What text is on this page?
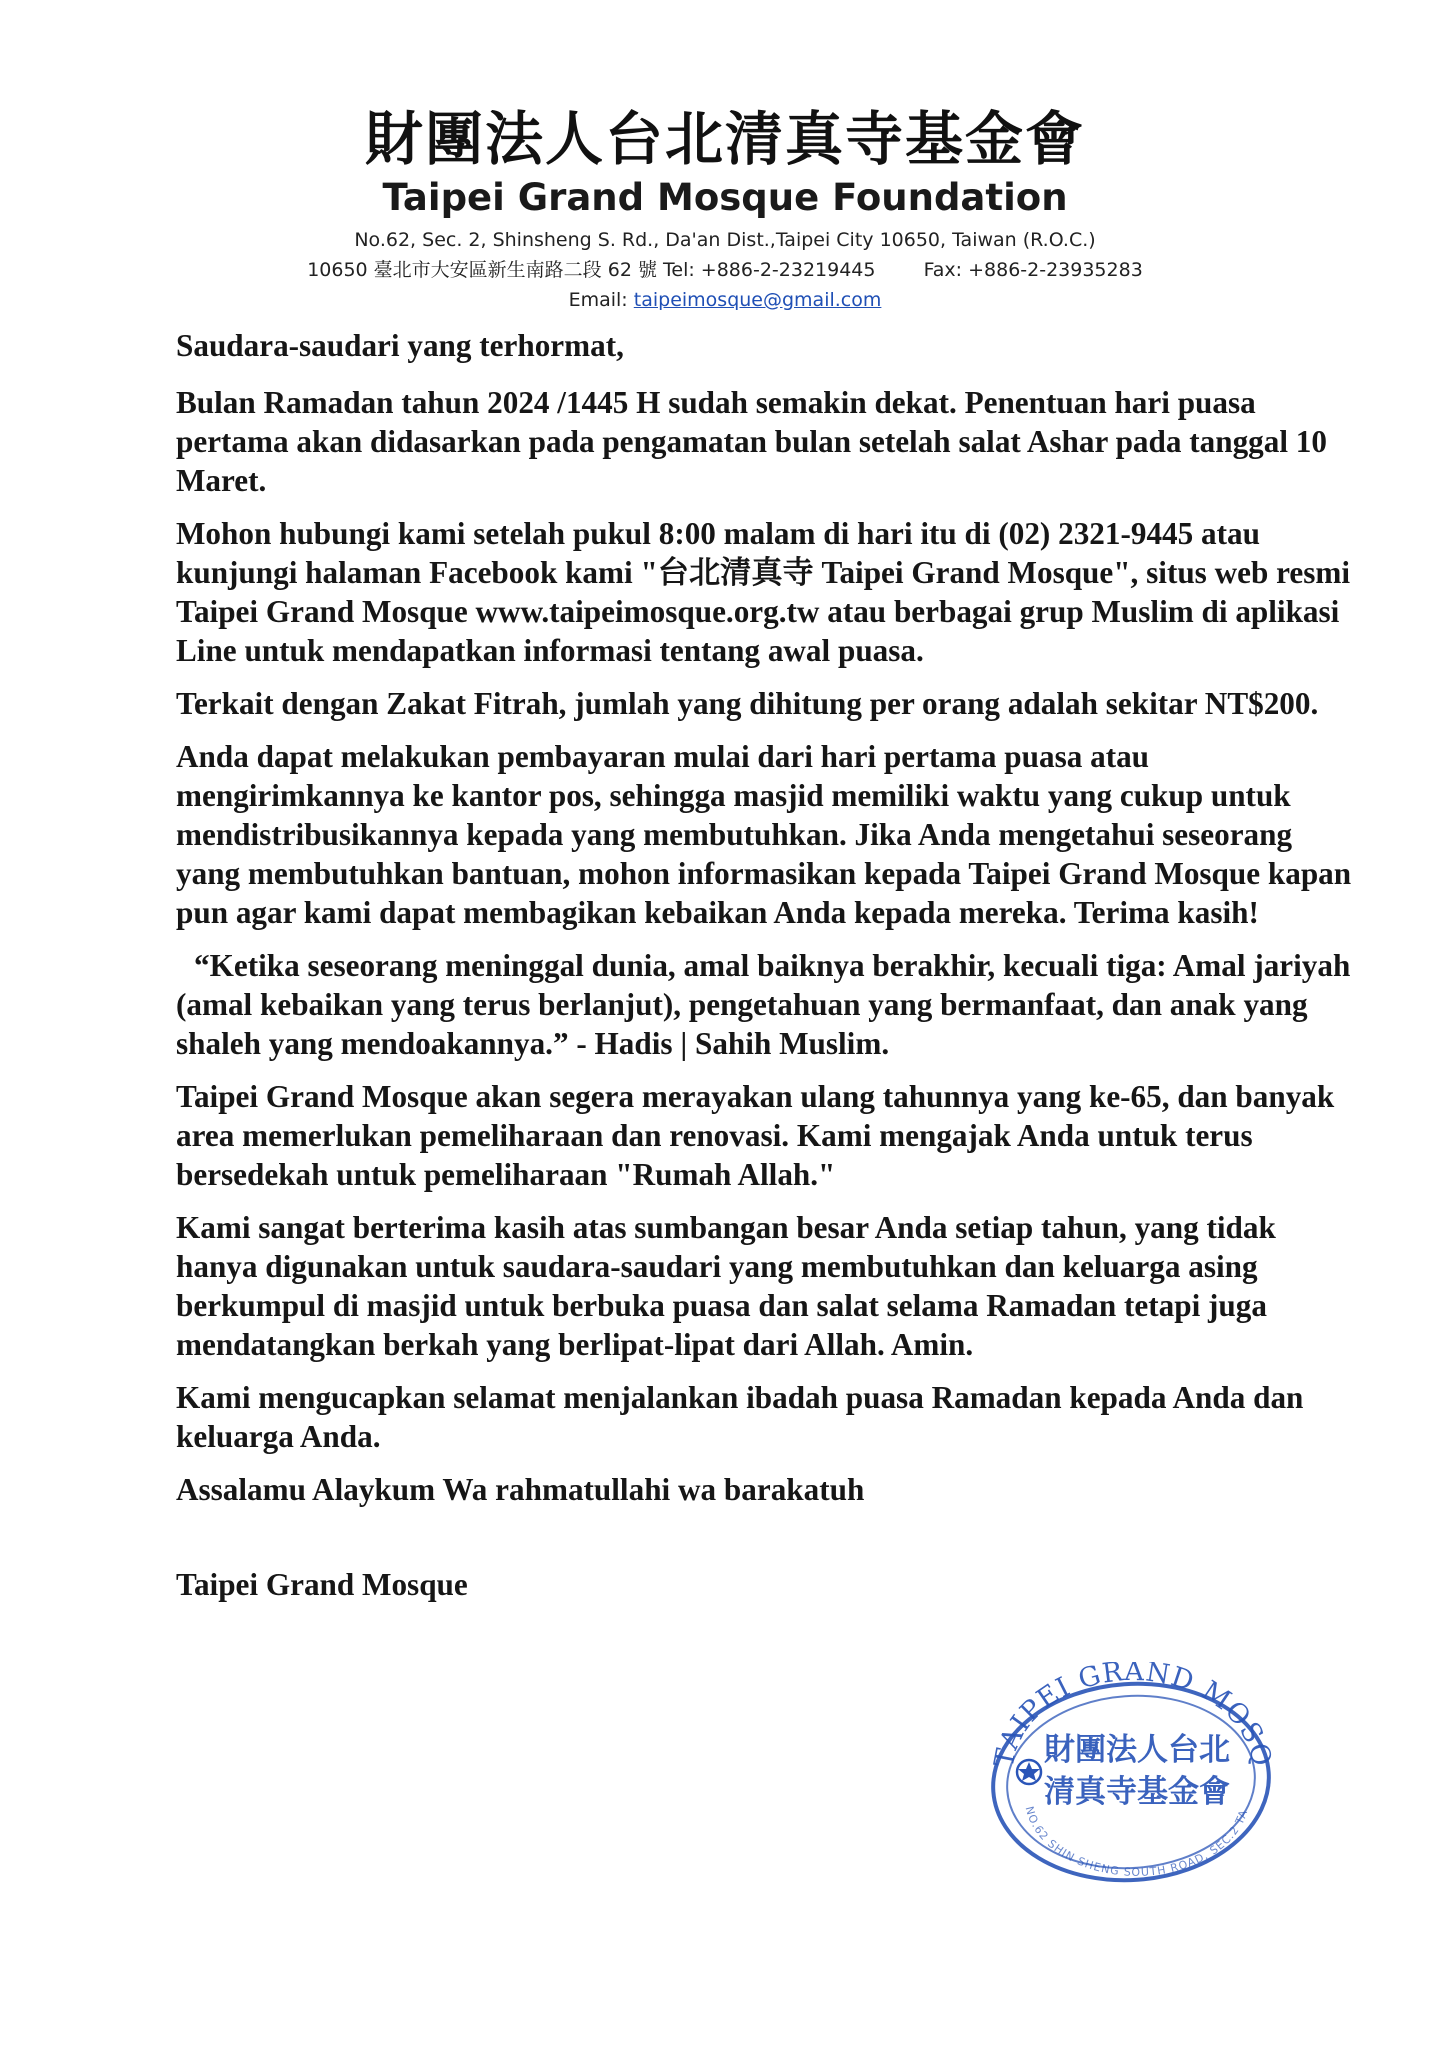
財團法人台北清真寺基金會
Taipei Grand Mosque Foundation
No.62, Sec. 2, Shinsheng S. Rd., Da'an Dist.,Taipei City 10650, Taiwan (R.O.C.)
10650 臺北市大安區新生南路二段 62 號 Tel: +886-2-23219445	Fax: +886-2-23935283
Email: taipeimosque@gmail.com

Saudara-saudari yang terhormat,

Bulan Ramadan tahun 2024 /1445 H sudah semakin dekat. Penentuan hari puasa pertama akan didasarkan pada pengamatan bulan setelah salat Ashar pada tanggal 10 Maret.

Mohon hubungi kami setelah pukul 8:00 malam di hari itu di (02) 2321-9445 atau kunjungi halaman Facebook kami "台北清真寺 Taipei Grand Mosque", situs web resmi Taipei Grand Mosque www.taipeimosque.org.tw atau berbagai grup Muslim di aplikasi Line untuk mendapatkan informasi tentang awal puasa.

Terkait dengan Zakat Fitrah, jumlah yang dihitung per orang adalah sekitar NT$200.

Anda dapat melakukan pembayaran mulai dari hari pertama puasa atau mengirimkannya ke kantor pos, sehingga masjid memiliki waktu yang cukup untuk mendistribusikannya kepada yang membutuhkan. Jika Anda mengetahui seseorang yang membutuhkan bantuan, mohon informasikan kepada Taipei Grand Mosque kapan pun agar kami dapat membagikan kebaikan Anda kepada mereka. Terima kasih!

“Ketika seseorang meninggal dunia, amal baiknya berakhir, kecuali tiga: Amal jariyah (amal kebaikan yang terus berlanjut), pengetahuan yang bermanfaat, dan anak yang shaleh yang mendoakannya.” - Hadis | Sahih Muslim.

Taipei Grand Mosque akan segera merayakan ulang tahunnya yang ke-65, dan banyak area memerlukan pemeliharaan dan renovasi. Kami mengajak Anda untuk terus bersedekah untuk pemeliharaan "Rumah Allah."

Kami sangat berterima kasih atas sumbangan besar Anda setiap tahun, yang tidak hanya digunakan untuk saudara-saudari yang membutuhkan dan keluarga asing berkumpul di masjid untuk berbuka puasa dan salat selama Ramadan tetapi juga mendatangkan berkah yang berlipat-lipat dari Allah. Amin.

Kami mengucapkan selamat menjalankan ibadah puasa Ramadan kepada Anda dan keluarga Anda.

Assalamu Alaykum Wa rahmatullahi wa barakatuh

Taipei Grand Mosque

TAIPEI GRAND MOSQ
NO.62 SHIN SHENG SOUTH ROAD, SEC.2 TA
財團法人台北
清真寺基金會
